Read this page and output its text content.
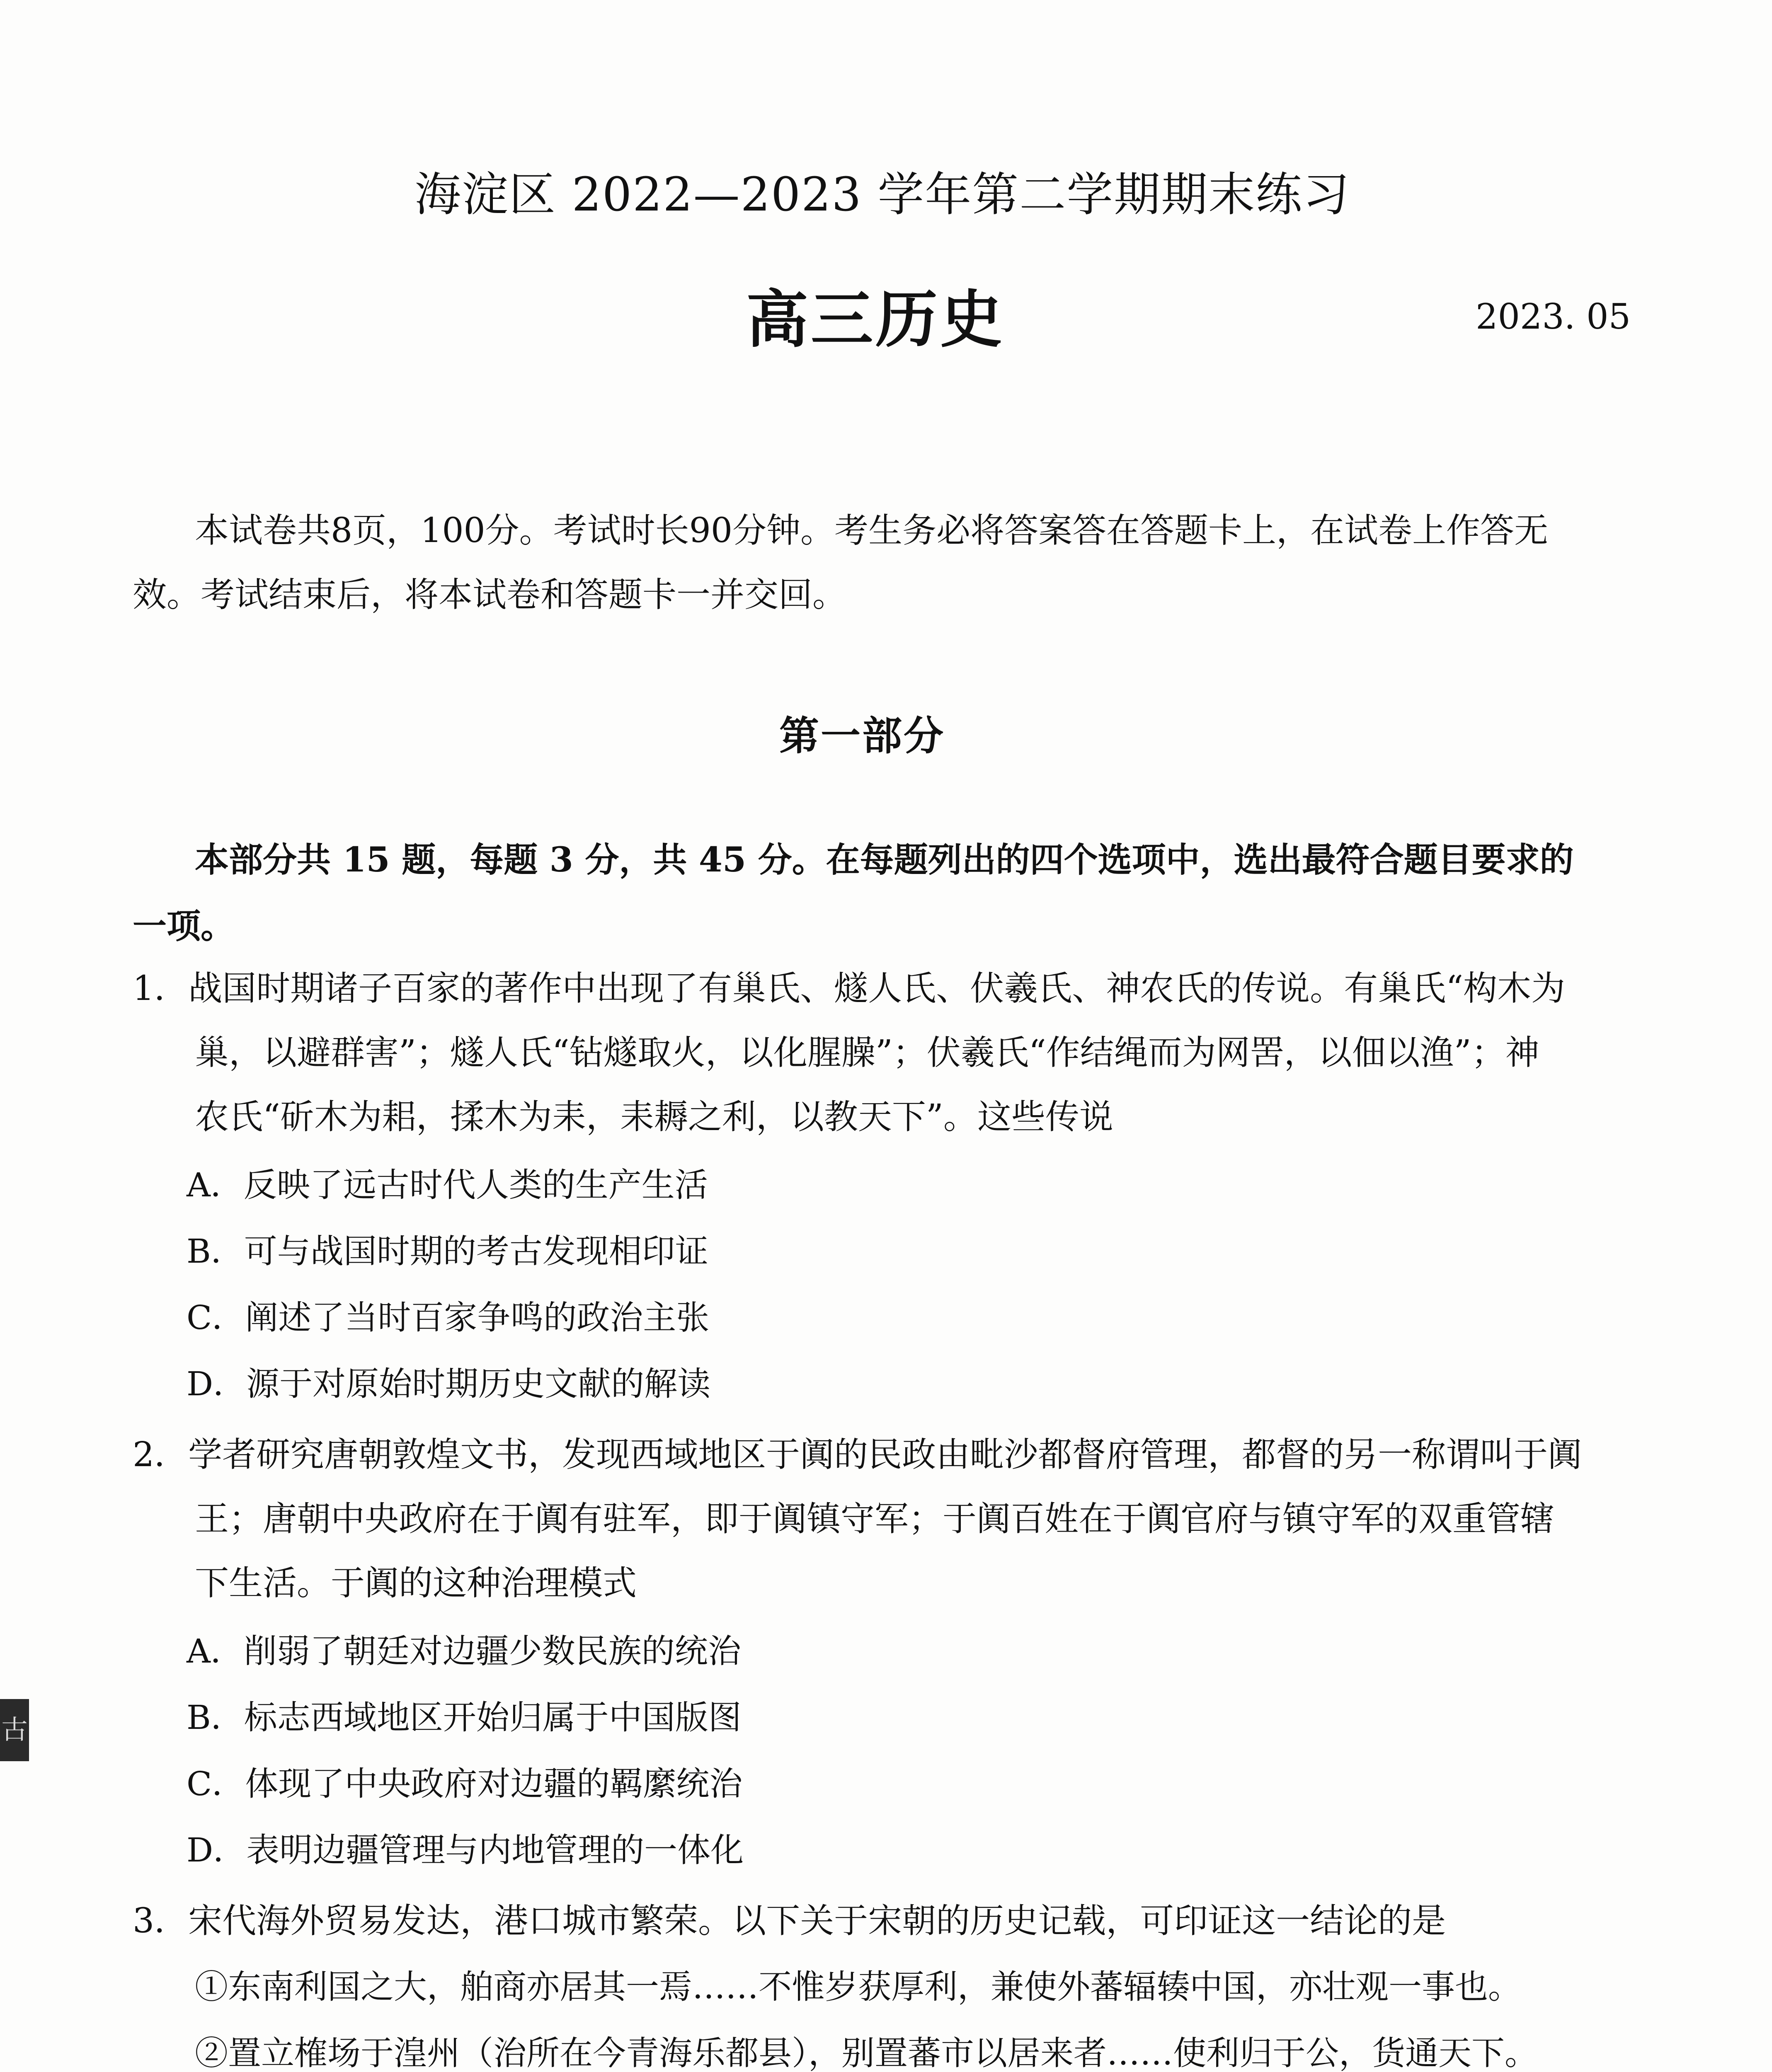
海淀区 2022—2023 学年第二学期期末练习
高三历史	2023. 05
本试卷共8页，100分。考试时长90分钟。考生务必将答案答在答题卡上，在试卷上作答无
效。考试结束后，将本试卷和答题卡一并交回。
第一部分
本部分共 15 题，每题 3 分，共 45 分。在每题列出的四个选项中，选出最符合题目要求的
一项。
1．战国时期诸子百家的著作中出现了有巢氏、燧人氏、伏羲氏、神农氏的传说。有巢氏“构木为
巢，以避群害”；燧人氏“钻燧取火，以化腥臊”；伏羲氏“作结绳而为网罟，以佃以渔”；神
农氏“斫木为耜，揉木为耒，耒耨之利，以教天下”。这些传说
A．反映了远古时代人类的生产生活
B．可与战国时期的考古发现相印证
C．阐述了当时百家争鸣的政治主张
D．源于对原始时期历史文献的解读
2．学者研究唐朝敦煌文书，发现西域地区于阗的民政由毗沙都督府管理，都督的另一称谓叫于阗
王；唐朝中央政府在于阗有驻军，即于阗镇守军；于阗百姓在于阗官府与镇守军的双重管辖
下生活。于阗的这种治理模式
A．削弱了朝廷对边疆少数民族的统治
B．标志西域地区开始归属于中国版图
C．体现了中央政府对边疆的羁縻统治
D．表明边疆管理与内地管理的一体化
3．宋代海外贸易发达，港口城市繁荣。以下关于宋朝的历史记载，可印证这一结论的是
①东南利国之大，舶商亦居其一焉……不惟岁获厚利，兼使外蕃辐辏中国，亦壮观一事也。
②置立榷场于湟州（治所在今青海乐都县），别置蕃市以居来者……使利归于公，货通天下。
古
